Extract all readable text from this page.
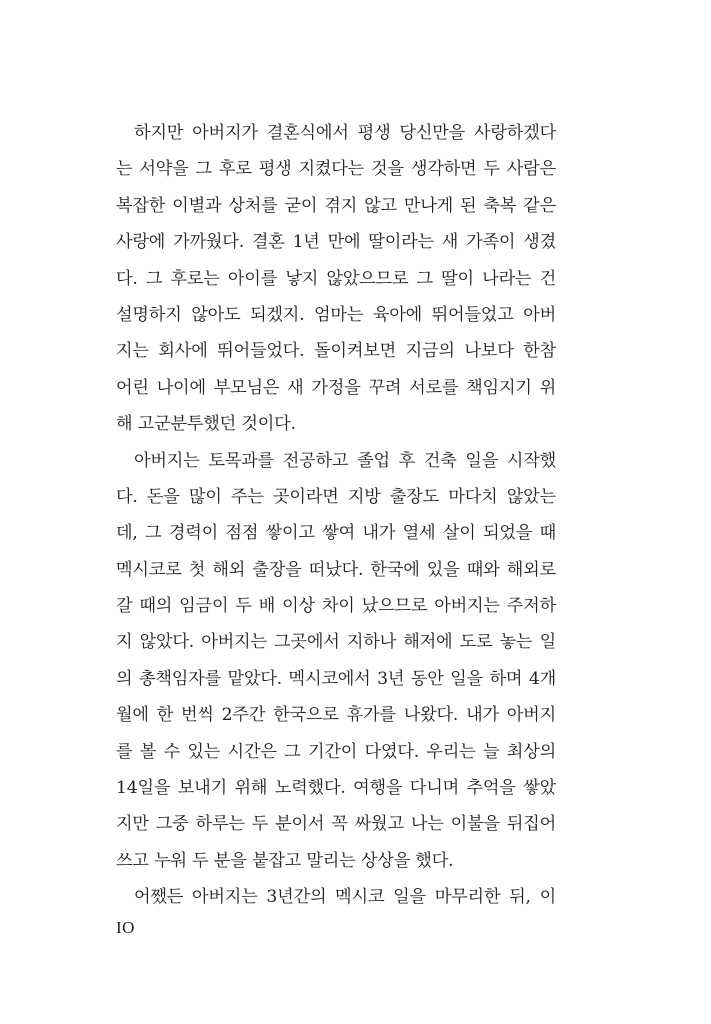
하지만 아버지가 결혼식에서 평생 당신만을 사랑하겠다
는 서약을 그 후로 평생 지켰다는 것을 생각하면 두 사람은
복잡한 이별과 상처를 굳이 겪지 않고 만나게 된 축복 같은
사랑에 가까웠다. 결혼 1년 만에 딸이라는 새 가족이 생겼
다. 그 후로는 아이를 낳지 않았으므로 그 딸이 나라는 건
설명하지 않아도 되겠지. 엄마는 육아에 뛰어들었고 아버
지는 회사에 뛰어들었다. 돌이켜보면 지금의 나보다 한참
어린 나이에 부모님은 새 가정을 꾸려 서로를 책임지기 위
해 고군분투했던 것이다.
아버지는 토목과를 전공하고 졸업 후 건축 일을 시작했
다. 돈을 많이 주는 곳이라면 지방 출장도 마다치 않았는
데, 그 경력이 점점 쌓이고 쌓여 내가 열세 살이 되었을 때
멕시코로 첫 해외 출장을 떠났다. 한국에 있을 때와 해외로
갈 때의 임금이 두 배 이상 차이 났으므로 아버지는 주저하
지 않았다. 아버지는 그곳에서 지하나 해저에 도로 놓는 일
의 총책임자를 맡았다. 멕시코에서 3년 동안 일을 하며 4개
월에 한 번씩 2주간 한국으로 휴가를 나왔다. 내가 아버지
를 볼 수 있는 시간은 그 기간이 다였다. 우리는 늘 최상의
14일을 보내기 위해 노력했다. 여행을 다니며 추억을 쌓았
지만 그중 하루는 두 분이서 꼭 싸웠고 나는 이불을 뒤집어
쓰고 누워 두 분을 붙잡고 말리는 상상을 했다.
어쨌든 아버지는 3년간의 멕시코 일을 마무리한 뒤, 이
IO
